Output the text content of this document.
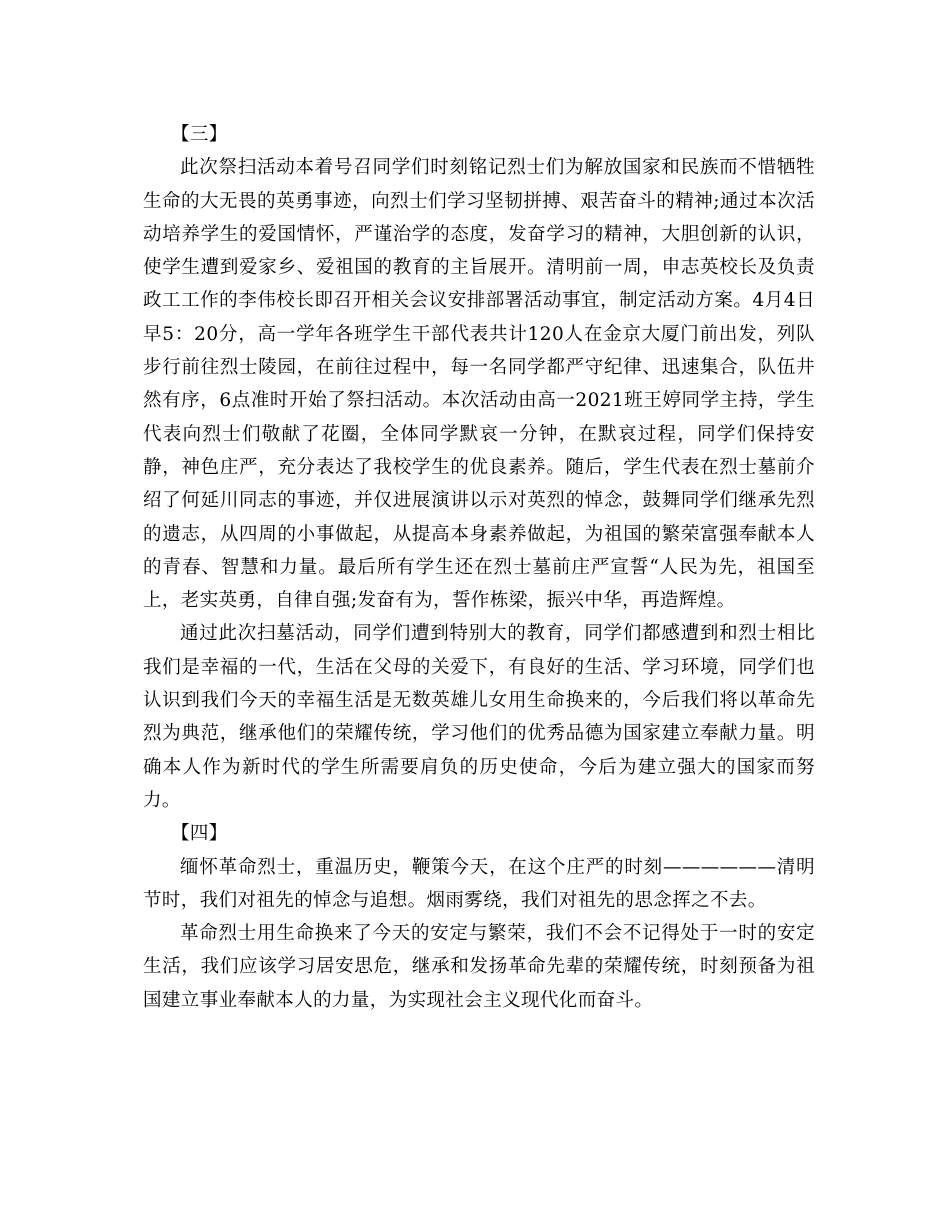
【三】

此次祭扫活动本着号召同学们时刻铭记烈士们为解放国家和民族而不惜牺牲生命的大无畏的英勇事迹，向烈士们学习坚韧拼搏、艰苦奋斗的精神;通过本次活动培养学生的爱国情怀，严谨治学的态度，发奋学习的精神，大胆创新的认识，使学生遭到爱家乡、爱祖国的教育的主旨展开。清明前一周，申志英校长及负责政工工作的李伟校长即召开相关会议安排部署活动事宜，制定活动方案。4月4日早5：20分，高一学年各班学生干部代表共计120人在金京大厦门前出发，列队步行前往烈士陵园，在前往过程中，每一名同学都严守纪律、迅速集合，队伍井然有序，6点准时开始了祭扫活动。本次活动由高一2021班王婷同学主持，学生代表向烈士们敬献了花圈，全体同学默哀一分钟，在默哀过程，同学们保持安静，神色庄严，充分表达了我校学生的优良素养。随后，学生代表在烈士墓前介绍了何延川同志的事迹，并仅进展演讲以示对英烈的悼念，鼓舞同学们继承先烈的遗志，从四周的小事做起，从提高本身素养做起，为祖国的繁荣富强奉献本人的青春、智慧和力量。最后所有学生还在烈士墓前庄严宣誓“人民为先，祖国至上，老实英勇，自律自强;发奋有为，誓作栋梁，振兴中华，再造辉煌。

通过此次扫墓活动，同学们遭到特别大的教育，同学们都感遭到和烈士相比我们是幸福的一代，生活在父母的关爱下，有良好的生活、学习环境，同学们也认识到我们今天的幸福生活是无数英雄儿女用生命换来的，今后我们将以革命先烈为典范，继承他们的荣耀传统，学习他们的优秀品德为国家建立奉献力量。明确本人作为新时代的学生所需要肩负的历史使命，今后为建立强大的国家而努力。

【四】

缅怀革命烈士，重温历史，鞭策今天，在这个庄严的时刻——————清明节时，我们对祖先的悼念与追想。烟雨雾绕，我们对祖先的思念挥之不去。

革命烈士用生命换来了今天的安定与繁荣，我们不会不记得处于一时的安定生活，我们应该学习居安思危，继承和发扬革命先辈的荣耀传统，时刻预备为祖国建立事业奉献本人的力量，为实现社会主义现代化而奋斗。
